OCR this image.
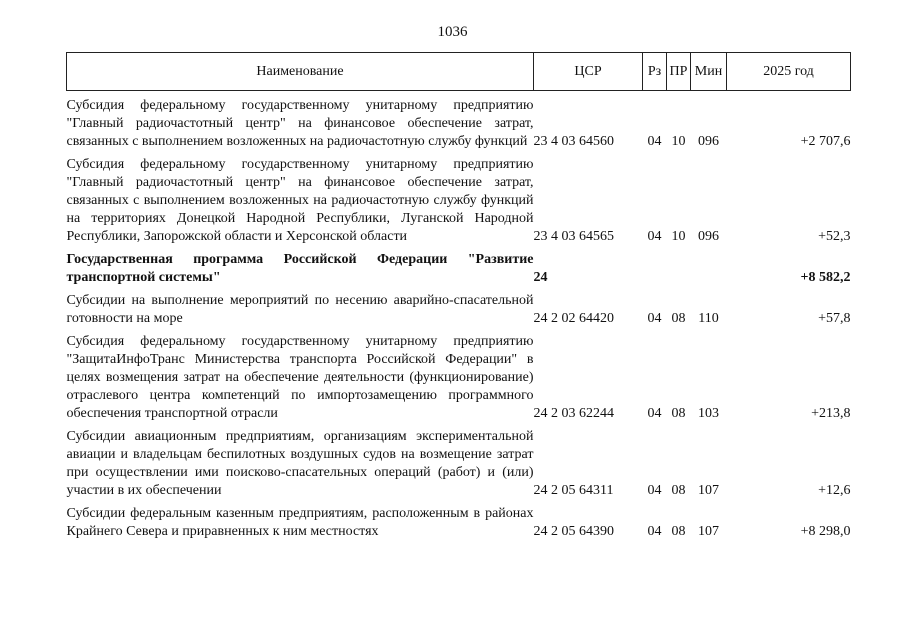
1036
Наименование	ЦСР	Рз	ПР	Мин	2025 год
Субсидия федеральному государственному унитарному предприятию "Главный радиочастотный центр" на финансовое обеспечение затрат, связанных с выполнением возложенных на радиочастотную службу функций	23 4 03 64560	04	10	096	+2 707,6
Субсидия федеральному государственному унитарному предприятию "Главный радиочастотный центр" на финансовое обеспечение затрат, связанных с выполнением возложенных на радиочастотную службу функций на территориях Донецкой Народной Республики, Луганской Народной Республики, Запорожской области и Херсонской области	23 4 03 64565	04	10	096	+52,3
Государственная программа Российской Федерации "Развитие транспортной системы"	24				+8 582,2
Субсидии на выполнение мероприятий по несению аварийно-спасательной готовности на море	24 2 02 64420	04	08	110	+57,8
Субсидия федеральному государственному унитарному предприятию "ЗащитаИнфоТранс Министерства транспорта Российской Федерации" в целях возмещения затрат на обеспечение деятельности (функционирование) отраслевого центра компетенций по импортозамещению программного обеспечения транспортной отрасли	24 2 03 62244	04	08	103	+213,8
Субсидии авиационным предприятиям, организациям экспериментальной авиации и владельцам беспилотных воздушных судов на возмещение затрат при осуществлении ими поисково-спасательных операций (работ) и (или) участии в их обеспечении	24 2 05 64311	04	08	107	+12,6
Субсидии федеральным казенным предприятиям, расположенным в районах Крайнего Севера и приравненных к ним местностях	24 2 05 64390	04	08	107	+8 298,0
